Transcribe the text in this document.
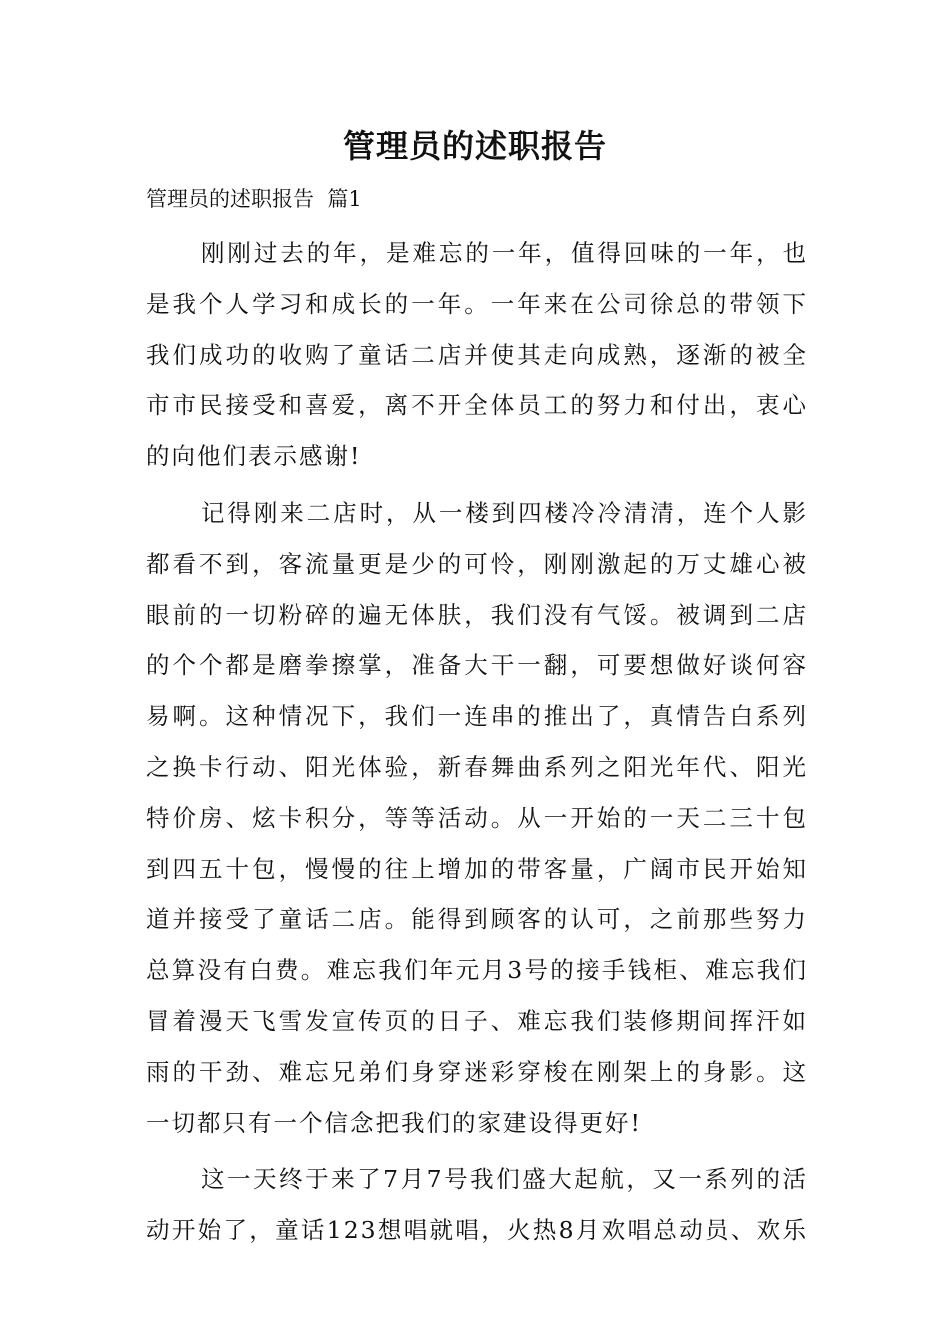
管理员的述职报告
管理员的述职报告  篇1

刚刚过去的年，是难忘的一年，值得回味的一年，也
是我个人学习和成长的一年。一年来在公司徐总的带领下
我们成功的收购了童话二店并使其走向成熟，逐渐的被全
市市民接受和喜爱，离不开全体员工的努力和付出，衷心
的向他们表示感谢!

记得刚来二店时，从一楼到四楼冷冷清清，连个人影
都看不到，客流量更是少的可怜，刚刚激起的万丈雄心被
眼前的一切粉碎的遍无体肤，我们没有气馁。被调到二店
的个个都是磨拳擦掌，准备大干一翻，可要想做好谈何容
易啊。这种情况下，我们一连串的推出了，真情告白系列
之换卡行动、阳光体验，新春舞曲系列之阳光年代、阳光
特价房、炫卡积分，等等活动。从一开始的一天二三十包
到四五十包，慢慢的往上增加的带客量，广阔市民开始知
道并接受了童话二店。能得到顾客的认可，之前那些努力
总算没有白费。难忘我们年元月3号的接手钱柜、难忘我们
冒着漫天飞雪发宣传页的日子、难忘我们装修期间挥汗如
雨的干劲、难忘兄弟们身穿迷彩穿梭在刚架上的身影。这
一切都只有一个信念把我们的家建设得更好!

这一天终于来了7月7号我们盛大起航，又一系列的活
动开始了，童话123想唱就唱，火热8月欢唱总动员、欢乐
